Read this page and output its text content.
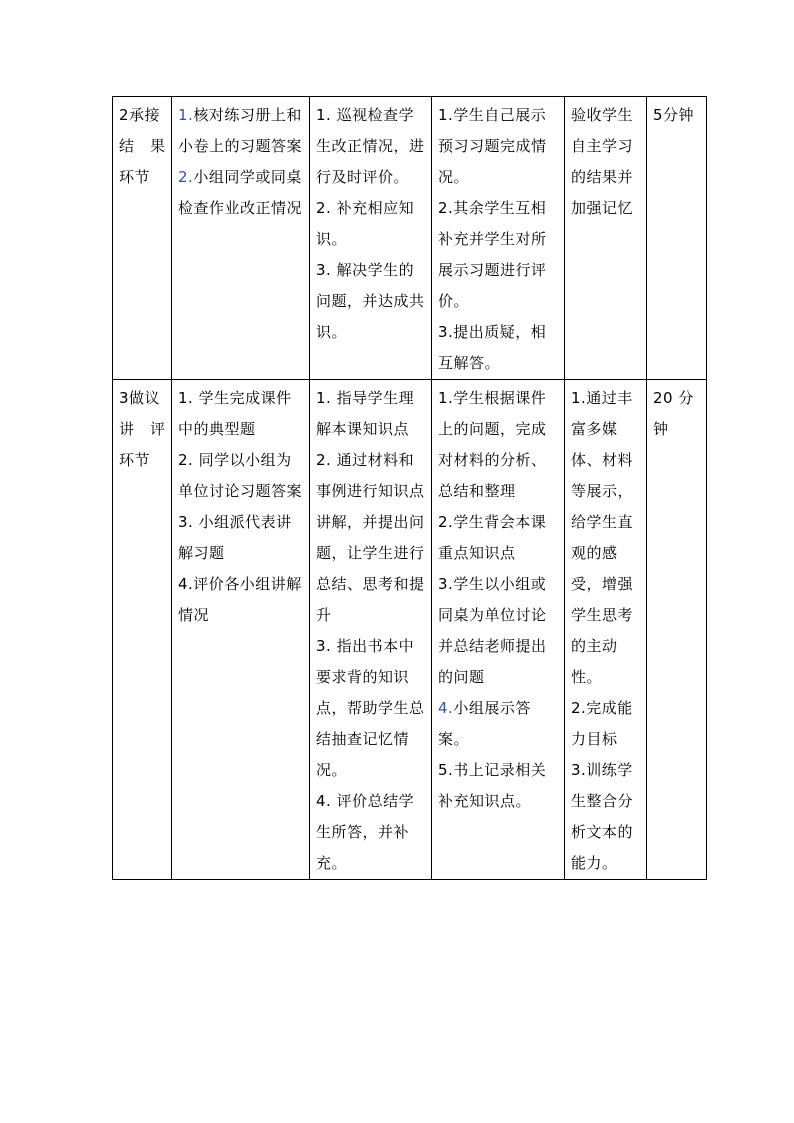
2承接
结　果
环节	1.核对练习册上和小卷上的习题答案
2.小组同学或同桌检查作业改正情况	1. 巡视检查学生改正情况，进行及时评价。
2. 补充相应知识。
3. 解决学生的问题，并达成共识。	1.学生自己展示预习习题完成情况。
2.其余学生互相补充并学生对所展示习题进行评价。
3.提出质疑，相互解答。	验收学生自主学习的结果并加强记忆	5分钟

3做议
讲　评
环节	1. 学生完成课件中的典型题
2. 同学以小组为单位讨论习题答案
3. 小组派代表讲解习题
4.评价各小组讲解情况	1. 指导学生理解本课知识点
2. 通过材料和事例进行知识点讲解，并提出问题，让学生进行总结、思考和提升
3. 指出书本中要求背的知识点，帮助学生总结抽查记忆情况。
4. 评价总结学生所答，并补充。	1.学生根据课件上的问题，完成对材料的分析、总结和整理
2.学生背会本课重点知识点
3.学生以小组或同桌为单位讨论并总结老师提出的问题
4.小组展示答案。
5.书上记录相关补充知识点。	1.通过丰富多媒体、材料等展示，给学生直观的感受，增强学生思考的主动性。
2.完成能力目标
3.训练学生整合分析文本的能力。	20 分钟
